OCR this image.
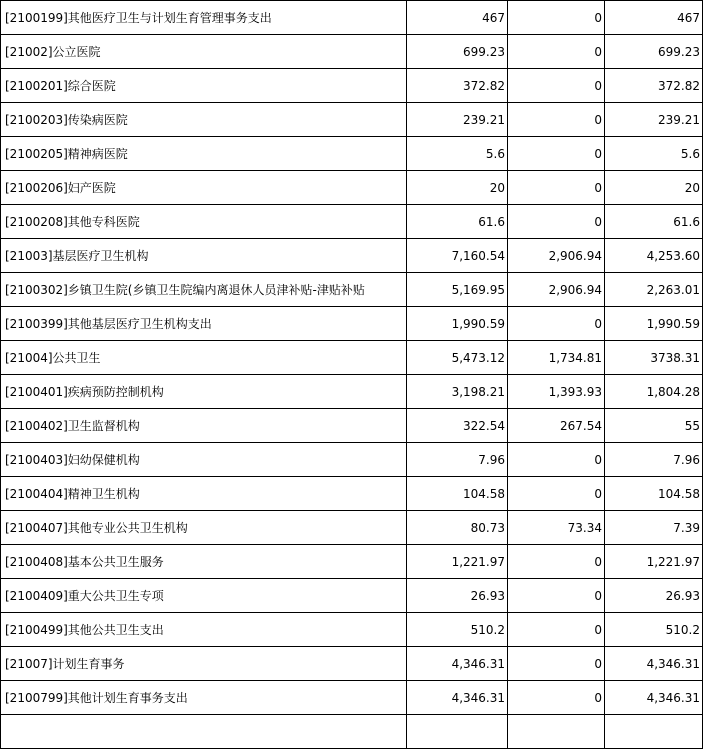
[2100199]其他医疗卫生与计划生育管理事务支出	467	0	467
[21002]公立医院	699.23	0	699.23
[2100201]综合医院	372.82	0	372.82
[2100203]传染病医院	239.21	0	239.21
[2100205]精神病医院	5.6	0	5.6
[2100206]妇产医院	20	0	20
[2100208]其他专科医院	61.6	0	61.6
[21003]基层医疗卫生机构	7,160.54	2,906.94	4,253.60
[2100302]乡镇卫生院(乡镇卫生院编内离退休人员津补贴-津贴补贴	5,169.95	2,906.94	2,263.01
[2100399]其他基层医疗卫生机构支出	1,990.59	0	1,990.59
[21004]公共卫生	5,473.12	1,734.81	3738.31
[2100401]疾病预防控制机构	3,198.21	1,393.93	1,804.28
[2100402]卫生监督机构	322.54	267.54	55
[2100403]妇幼保健机构	7.96	0	7.96
[2100404]精神卫生机构	104.58	0	104.58
[2100407]其他专业公共卫生机构	80.73	73.34	7.39
[2100408]基本公共卫生服务	1,221.97	0	1,221.97
[2100409]重大公共卫生专项	26.93	0	26.93
[2100499]其他公共卫生支出	510.2	0	510.2
[21007]计划生育事务	4,346.31	0	4,346.31
[2100799]其他计划生育事务支出	4,346.31	0	4,346.31
